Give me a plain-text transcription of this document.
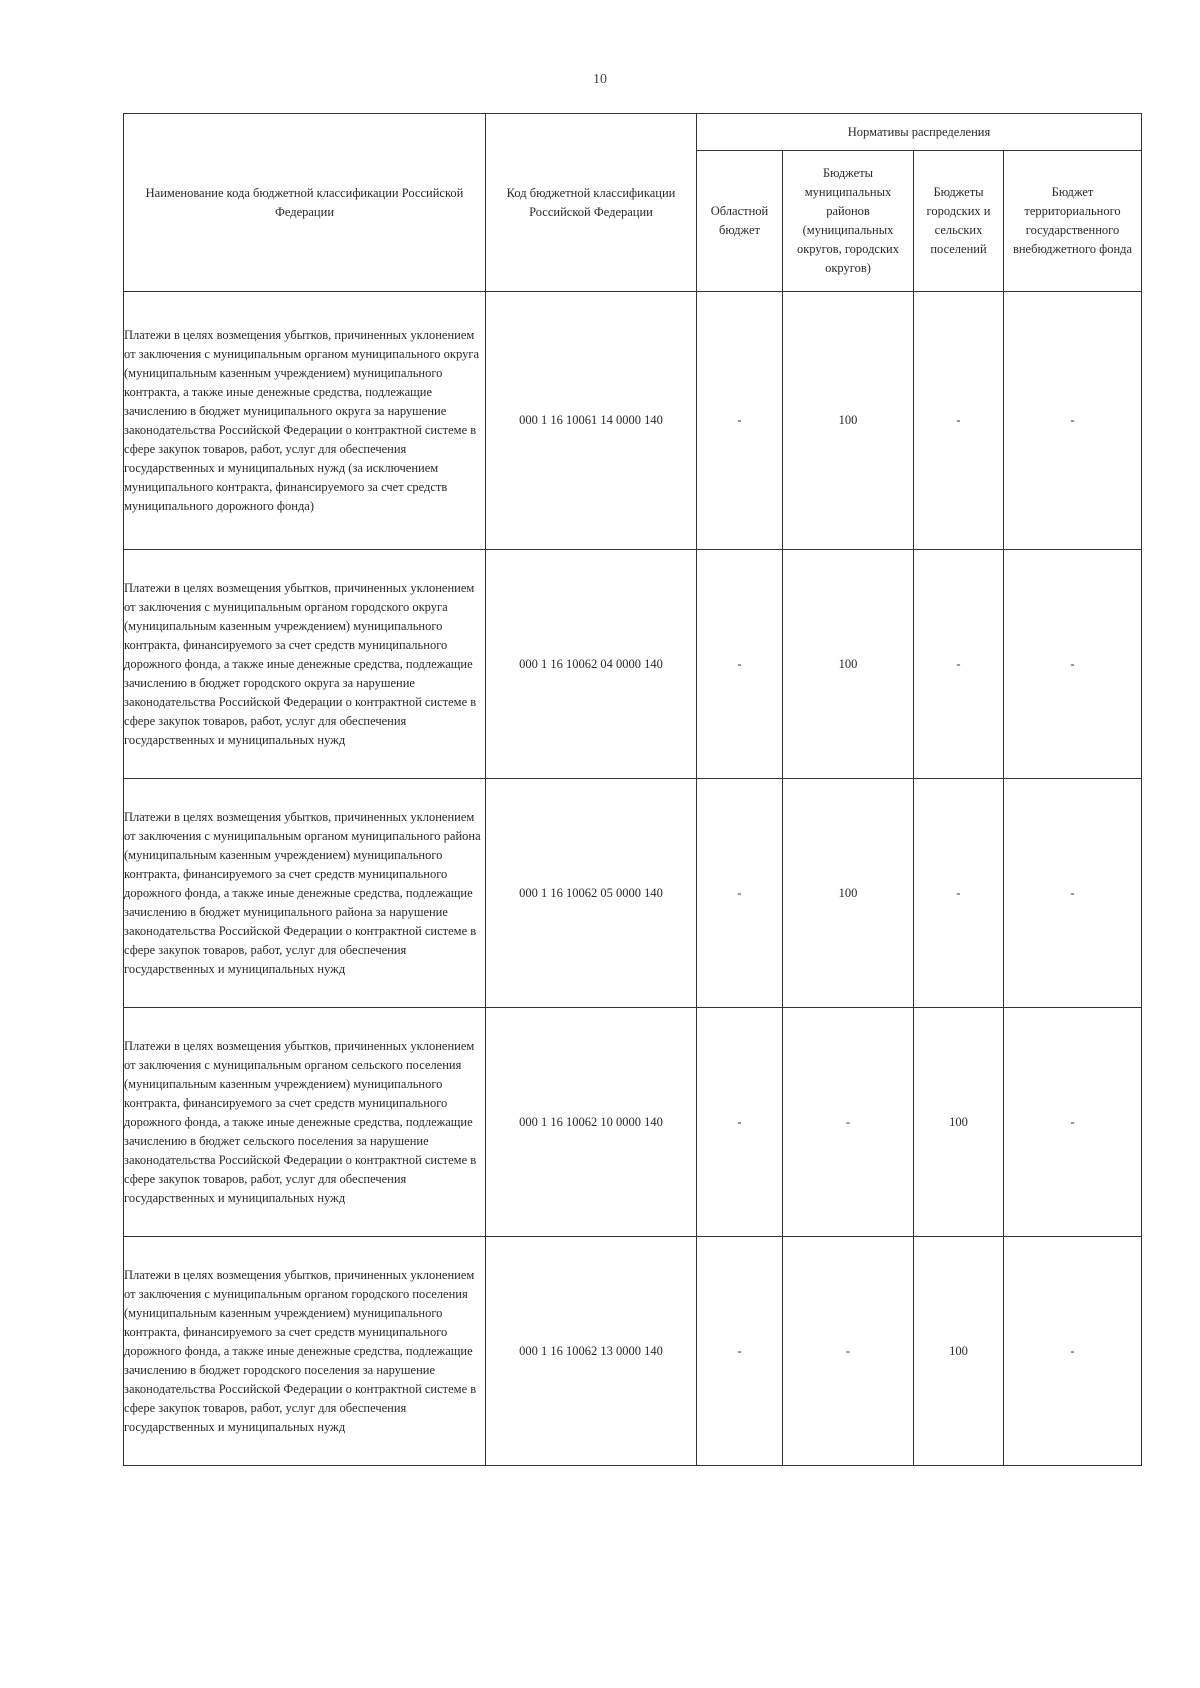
10
Наименование кода бюджетной классификации Российской Федерации	Код бюджетной классификации Российской Федерации	Нормативы распределения			
		Областной бюджет	Бюджеты муниципальных районов (муниципальных округов, городских округов)	Бюджеты городских и сельских поселений	Бюджет территориального государственного внебюджетного фонда
Платежи в целях возмещения убытков, причиненных уклонением от заключения с муниципальным органом муниципального округа (муниципальным казенным учреждением) муниципального контракта, а также иные денежные средства, подлежащие зачислению в бюджет муниципального округа за нарушение законодательства Российской Федерации о контрактной системе в сфере закупок товаров, работ, услуг для обеспечения государственных и муниципальных нужд (за исключением муниципального контракта, финансируемого за счет средств муниципального дорожного фонда)	000 1 16 10061 14 0000 140	-	100	-	-
Платежи в целях возмещения убытков, причиненных уклонением от заключения с муниципальным органом городского округа (муниципальным казенным учреждением) муниципального контракта, финансируемого за счет средств муниципального дорожного фонда, а также иные денежные средства, подлежащие зачислению в бюджет городского округа за нарушение законодательства Российской Федерации о контрактной системе в сфере закупок товаров, работ, услуг для обеспечения государственных и муниципальных нужд	000 1 16 10062 04 0000 140	-	100	-	-
Платежи в целях возмещения убытков, причиненных уклонением от заключения с муниципальным органом муниципального района (муниципальным казенным учреждением) муниципального контракта, финансируемого за счет средств муниципального дорожного фонда, а также иные денежные средства, подлежащие зачислению в бюджет муниципального района за нарушение законодательства Российской Федерации о контрактной системе в сфере закупок товаров, работ, услуг для обеспечения государственных и муниципальных нужд	000 1 16 10062 05 0000 140	-	100	-	-
Платежи в целях возмещения убытков, причиненных уклонением от заключения с муниципальным органом сельского поселения (муниципальным казенным учреждением) муниципального контракта, финансируемого за счет средств муниципального дорожного фонда, а также иные денежные средства, подлежащие зачислению в бюджет сельского поселения за нарушение законодательства Российской Федерации о контрактной системе в сфере закупок товаров, работ, услуг для обеспечения государственных и муниципальных нужд	000 1 16 10062 10 0000 140	-	-	100	-
Платежи в целях возмещения убытков, причиненных уклонением от заключения с муниципальным органом городского поселения (муниципальным казенным учреждением) муниципального контракта, финансируемого за счет средств муниципального дорожного фонда, а также иные денежные средства, подлежащие зачислению в бюджет городского поселения за нарушение законодательства Российской Федерации о контрактной системе в сфере закупок товаров, работ, услуг для обеспечения государственных и муниципальных нужд	000 1 16 10062 13 0000 140	-	-	100	-
